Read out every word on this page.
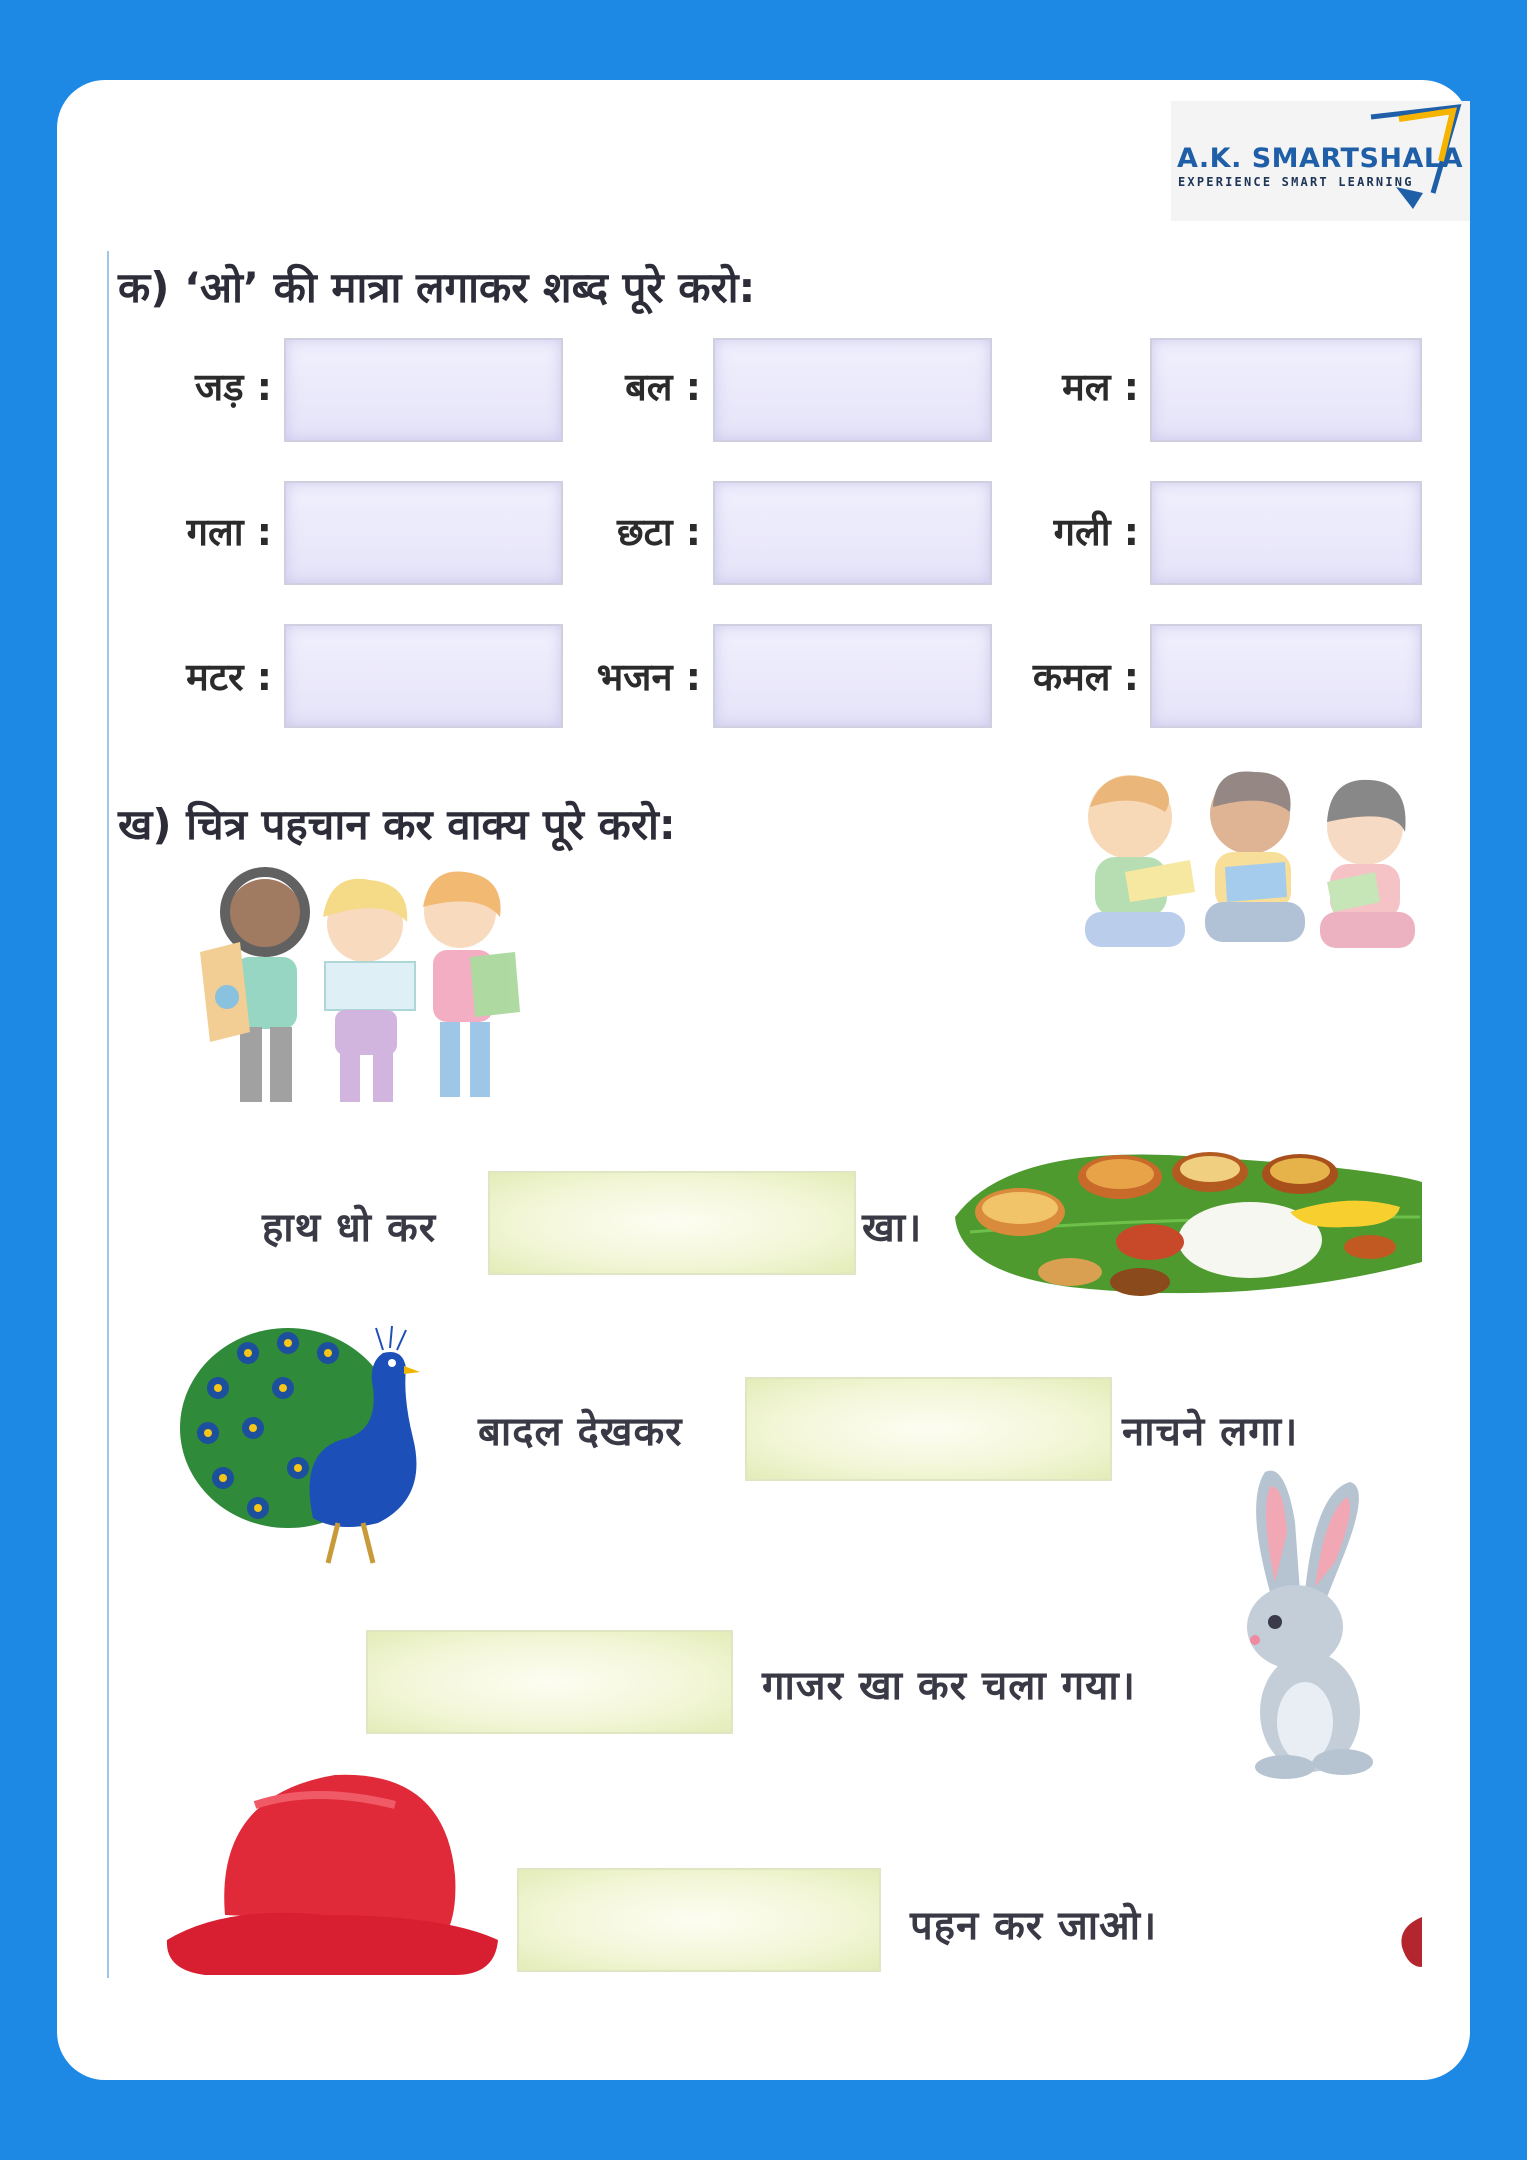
A.K. SMARTSHALA
EXPERIENCE SMART LEARNING
क) ‘ओ’ की मात्रा लगाकर शब्द पूरे करो:
जड़ :	बल :	मल :
गला :	छटा :	गली :
मटर :	भजन :	कमल :
ख) चित्र पहचान कर वाक्य पूरे करो:
हाथ धो कर	खा।
बादल देखकर	नाचने लगा।
गाजर खा कर चला गया।
पहन कर जाओ।
